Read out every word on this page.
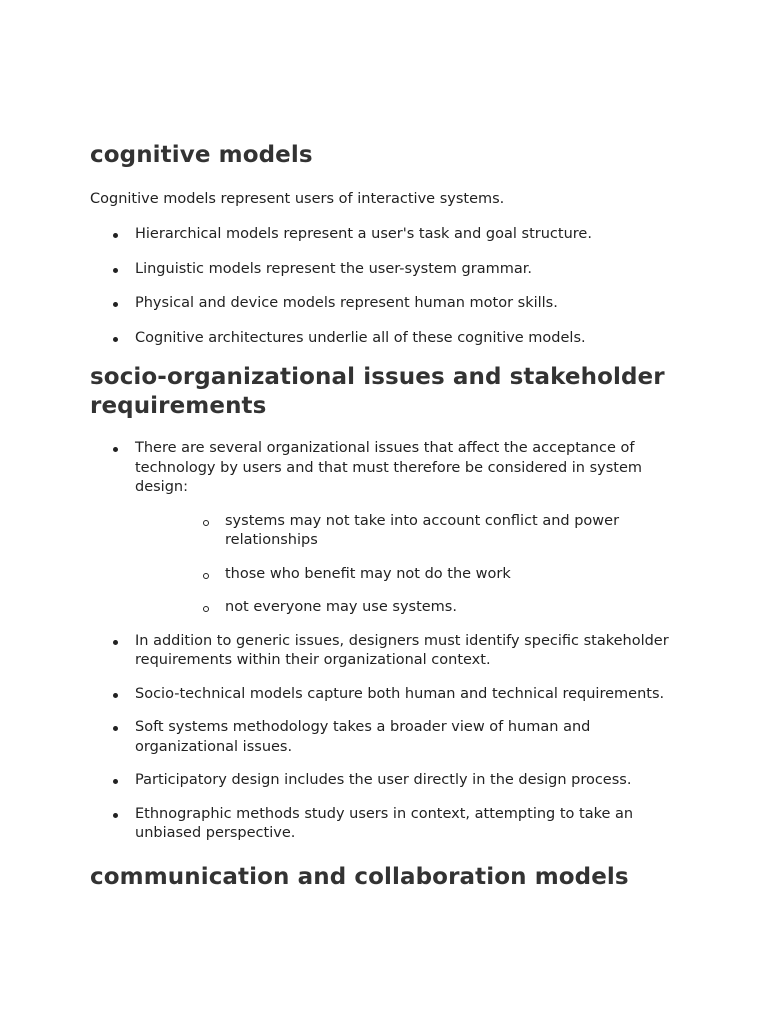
cognitive models

Cognitive models represent users of interactive systems.

Hierarchical models represent a user's task and goal structure.
Linguistic models represent the user-system grammar.
Physical and device models represent human motor skills.
Cognitive architectures underlie all of these cognitive models.
socio-organizational issues and stakeholder requirements
There are several organizational issues that affect the acceptance of technology by users and that must therefore be considered in system design:
systems may not take into account conflict and power relationships
those who benefit may not do the work
not everyone may use systems.
In addition to generic issues, designers must identify specific stakeholder requirements within their organizational context.
Socio-technical models capture both human and technical requirements.
Soft systems methodology takes a broader view of human and organizational issues.
Participatory design includes the user directly in the design process.
Ethnographic methods study users in context, attempting to take an unbiased perspective.
communication and collaboration models
